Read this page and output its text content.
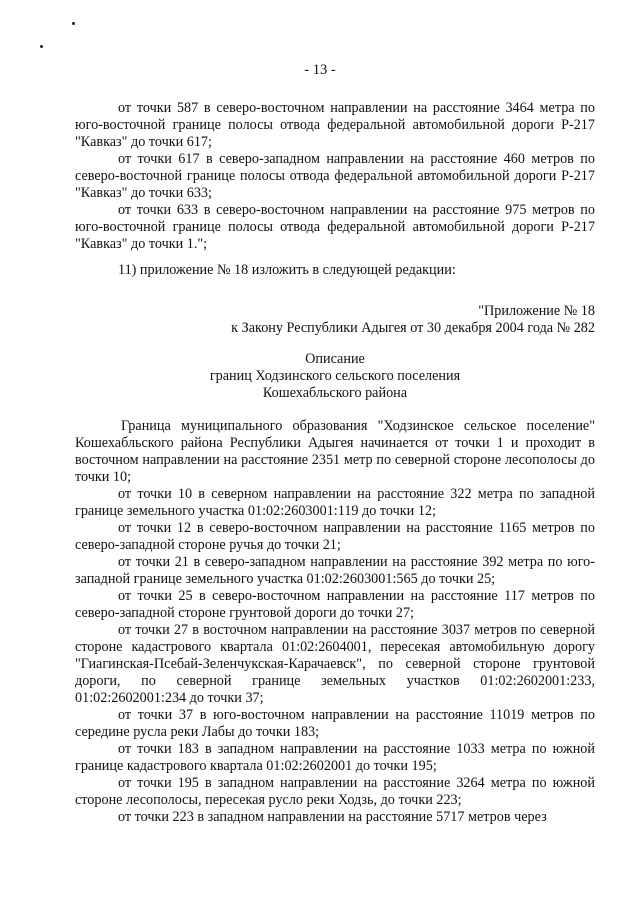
- 13 -

от точки 587 в северо-восточном направлении на расстояние 3464 метра по юго-восточной границе полосы отвода федеральной автомобильной дороги Р-217 "Кавказ" до точки 617;

от точки 617 в северо-западном направлении на расстояние 460 метров по северо-восточной границе полосы отвода федеральной автомобильной дороги Р-217 "Кавказ" до точки 633;

от точки 633 в северо-восточном направлении на расстояние 975 метров по юго-восточной границе полосы отвода федеральной автомобильной дороги Р-217 "Кавказ" до точки 1.";

11) приложение № 18 изложить в следующей редакции:

"Приложение № 18

к Закону Республики Адыгея от 30 декабря 2004 года № 282

Описание

границ Ходзинского сельского поселения

Кошехабльского района

Граница муниципального образования "Ходзинское сельское поселение" Кошехабльского района Республики Адыгея начинается от точки 1 и проходит в восточном направлении на расстояние 2351 метр по северной стороне лесополосы до точки 10;

от точки 10 в северном направлении на расстояние 322 метра по западной границе земельного участка 01:02:2603001:119 до точки 12;

от точки 12 в северо-восточном направлении на расстояние 1165 метров по северо-западной стороне ручья до точки 21;

от точки 21 в северо-западном направлении на расстояние 392 метра по юго-западной границе земельного участка 01:02:2603001:565 до точки 25;

от точки 25 в северо-восточном направлении на расстояние 117 метров по северо-западной стороне грунтовой дороги до точки 27;

от точки 27 в восточном направлении на расстояние 3037 метров по северной стороне кадастрового квартала 01:02:2604001, пересекая автомобильную дорогу "Гиагинская-Псебай-Зеленчукская-Карачаевск", по северной стороне грунтовой дороги, по северной границе земельных участков 01:02:2602001:233, 01:02:2602001:234 до точки 37;

от точки 37 в юго-восточном направлении на расстояние 11019 метров по середине русла реки Лабы до точки 183;

от точки 183 в западном направлении на расстояние 1033 метра по южной границе кадастрового квартала 01:02:2602001 до точки 195;

от точки 195 в западном направлении на расстояние 3264 метра по южной стороне лесополосы, пересекая русло реки Ходзь, до точки 223;

от точки 223 в западном направлении на расстояние 5717 метров через
